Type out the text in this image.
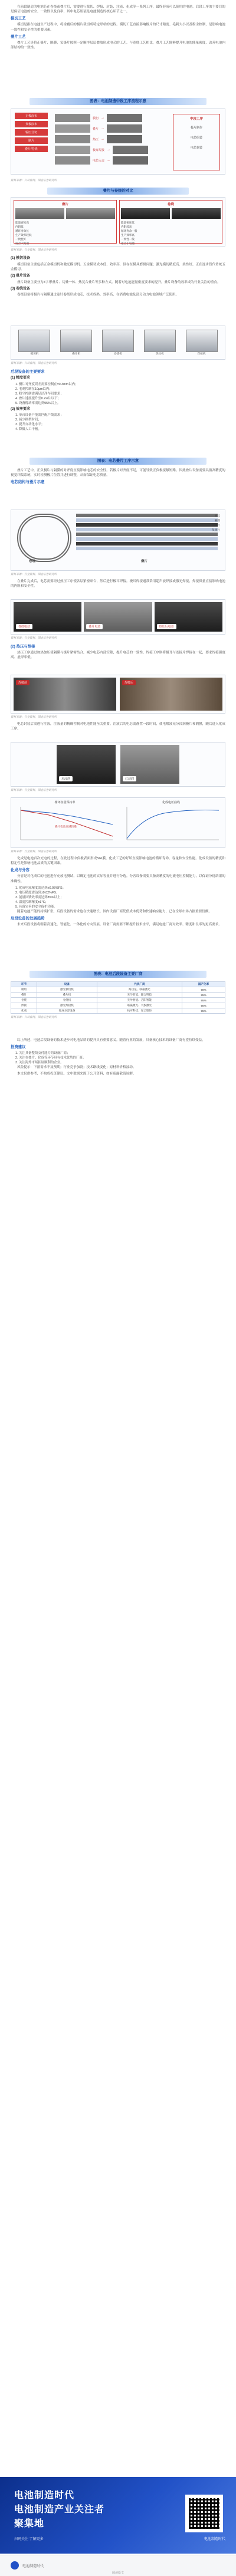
在前段制造的电池芯在卷绕或叠片后，需要进行裁切、焊接、封装、注液、化成等一系列工序，最终形成可以使用的电池。后段工序的主要目的是保证电池的安全、一致性以及良率，其中电芯组装是电池制造的核心环节之一。

模切工艺

模切是指在电池生产过程中，将涂覆后的极片裁切成特定形状的过程。模切工艺直接影响极片的尺寸精度、毛刺大小以及粉尘控制，是影响电池一致性和安全性的重要因素。

叠片工艺

叠片工艺是将正极片、隔膜、负极片按照一定顺序层层叠放形成电芯的工艺。与卷绕工艺相比，叠片工艺能够提升电池的能量密度，改善电池内部结构的一致性。

图表：电池制造中段工序流程示意
正极涂布
负极涂布
辊压分切
制片
叠片/卷绕
模切 →
叠片 →
热压 →
极耳焊接 →
电芯入壳 →
中段工序
极片制作
电芯组装
电芯封装

资料来源：公司官网，国金证券研究所

叠片与卷绕的对比
叠片
能量密度高
内阻低
循环寿命长
生产效率较低
一致性好
适合大电池
卷绕
能量密度低
内阻较高
循环寿命一般
生产效率高
一致性一般
适合小电池

资料来源：行业资料，国金证券研究所

(1) 模切设备

模切设备主要包括五金模切机和激光模切机。五金模切成本低、效率高，但存在模具磨损问题；激光模切精度高、柔性好，正在逐步替代传统五金模切。

(2) 叠片设备

叠片设备主要分为Z字形叠片、切叠一体、热复合叠片等多种方式。随着对电池能量密度要求的提升，叠片设备的效率成为行业关注的重点。

(3) 卷绕设备

卷绕设备将极片与隔膜通过卷针卷绕形成电芯，技术成熟、效率高，在消费电池及部分动力电池领域广泛使用。

模切机	叠片机	卷绕机	热压机	焊接机

资料来源：公司官网，国金证券研究所

后段设备的主要要求

(1) 精度要求

1. 极片对齐度误差需要控制在±0.3mm以内；

2. 毛刺控制在10μm以内；

3. 粉尘控制需满足洁净车间要求；

4. 叠片速度提升至0.2s/片以下；

5. 设备稼动率需达到95%以上。

(2) 效率要求

1. 单台设备产能需匹配产线需求；

2. 减少换型时间；

3. 提升自动化水平；

4. 降低人工干预。

图表：电芯叠片工序示意

叠片工艺中，正负极片与隔膜的对齐度直接影响电芯的安全性。若极片对齐度不足，可能导致正负极接触短路。因此叠片设备需要具备高精度的视觉纠偏系统，实时检测极片位置并进行调整，从而保证电芯质量。

电芯结构与叠片示意

卷绕	叠片
极耳
隔膜
正极片
负极片

资料来源：行业资料，国金证券研究所

在叠片完成后，电芯需要经过热压工序使各层紧密贴合，然后进行极耳焊接。极耳焊接通常采用超声波焊接或激光焊接，焊接质量直接影响电池的内阻和安全性。

卷绕电芯	叠片电芯	热压后电芯

资料来源：行业资料，国金证券研究所

(2) 热压与焊接

热压工序通过加热加压使隔膜与极片紧密结合，减少电芯内部空隙，提升电芯的一致性。焊接工序则将极耳与连接片焊接在一起，要求焊接强度高、虚焊率低。

焊接前	焊接后

资料来源：行业资料，国金证券研究所

电芯封装后需进行注液，注液量的精确控制对电池性能至关重要。注液后的电芯需静置一段时间，使电解液充分浸润极片和隔膜，随后进入化成工序。

未浸润	已浸润

资料来源：行业资料，国金证券研究所

循环容量保持率
叠片电池衰减较慢
化成电压曲线

资料来源：行业资料，国金证券研究所

化成是电池首次充电的过程，在此过程中负极表面形成SEI膜，化成工艺的好坏直接影响电池的循环寿命、容量和安全性能。化成设备的精度和稳定性是影响电池品质的关键因素。

化成与分容

分容是对化成后的电池进行充放电测试，以确定电池的实际容量并进行分选。分容设备需要具备高精度的电流电压控制能力，以保证分选结果的准确性。

1. 化成电流精度需达到±0.05%FS；

2. 电压精度需达到±0.02%FS；

3. 能量回馈效率需达到85%以上；

4. 温度控制精度±1℃；

5. 具备完善的安全保护功能。

随着电池产能的持续扩张，后段设备的需求也在快速增长。国内设备厂商凭借成本优势和快速响应能力，已在全球市场占据重要份额。

后段设备的发展趋势

未来后段设备将朝着高速化、智能化、一体化的方向发展。设备厂商需要不断提升技术水平，满足电池厂商对效率、精度和良率的更高要求。

图表：电池后段设备主要厂商
环节	设备	代表厂商	国产化率
模切	激光模切机	海目星、联赢激光	90%
叠片	叠片机	先导智能、赢合科技	85%
卷绕	卷绕机	先导智能、吉阳智能	95%
焊接	激光焊接机	联赢激光、大族激光	90%
化成	化成分容设备	杭可科技、星云股份	95%

资料来源：公司官网，国金证券研究所

综上所述，电池后段设备的技术进步对电池品质的提升具有重要意义。随着行业的发展，具备核心技术的设备厂商有望持续受益。

投资建议

1. 关注具备整线交付能力的设备厂商；

2. 关注在叠片、化成等环节具有技术优势的厂商；

3. 关注海外市场拓展顺利的企业。

风险提示：下游需求不及预期；行业竞争加剧；技术路线变化；原材料价格波动。

本文仅供参考，不构成投资建议。文中数据来源于公开资料，如有疏漏敬请谅解。

电池制造时代
电池制造产业关注者
聚集地
扫码关注 了解更多	电池制造时代
电池制造时代
阅读原文
